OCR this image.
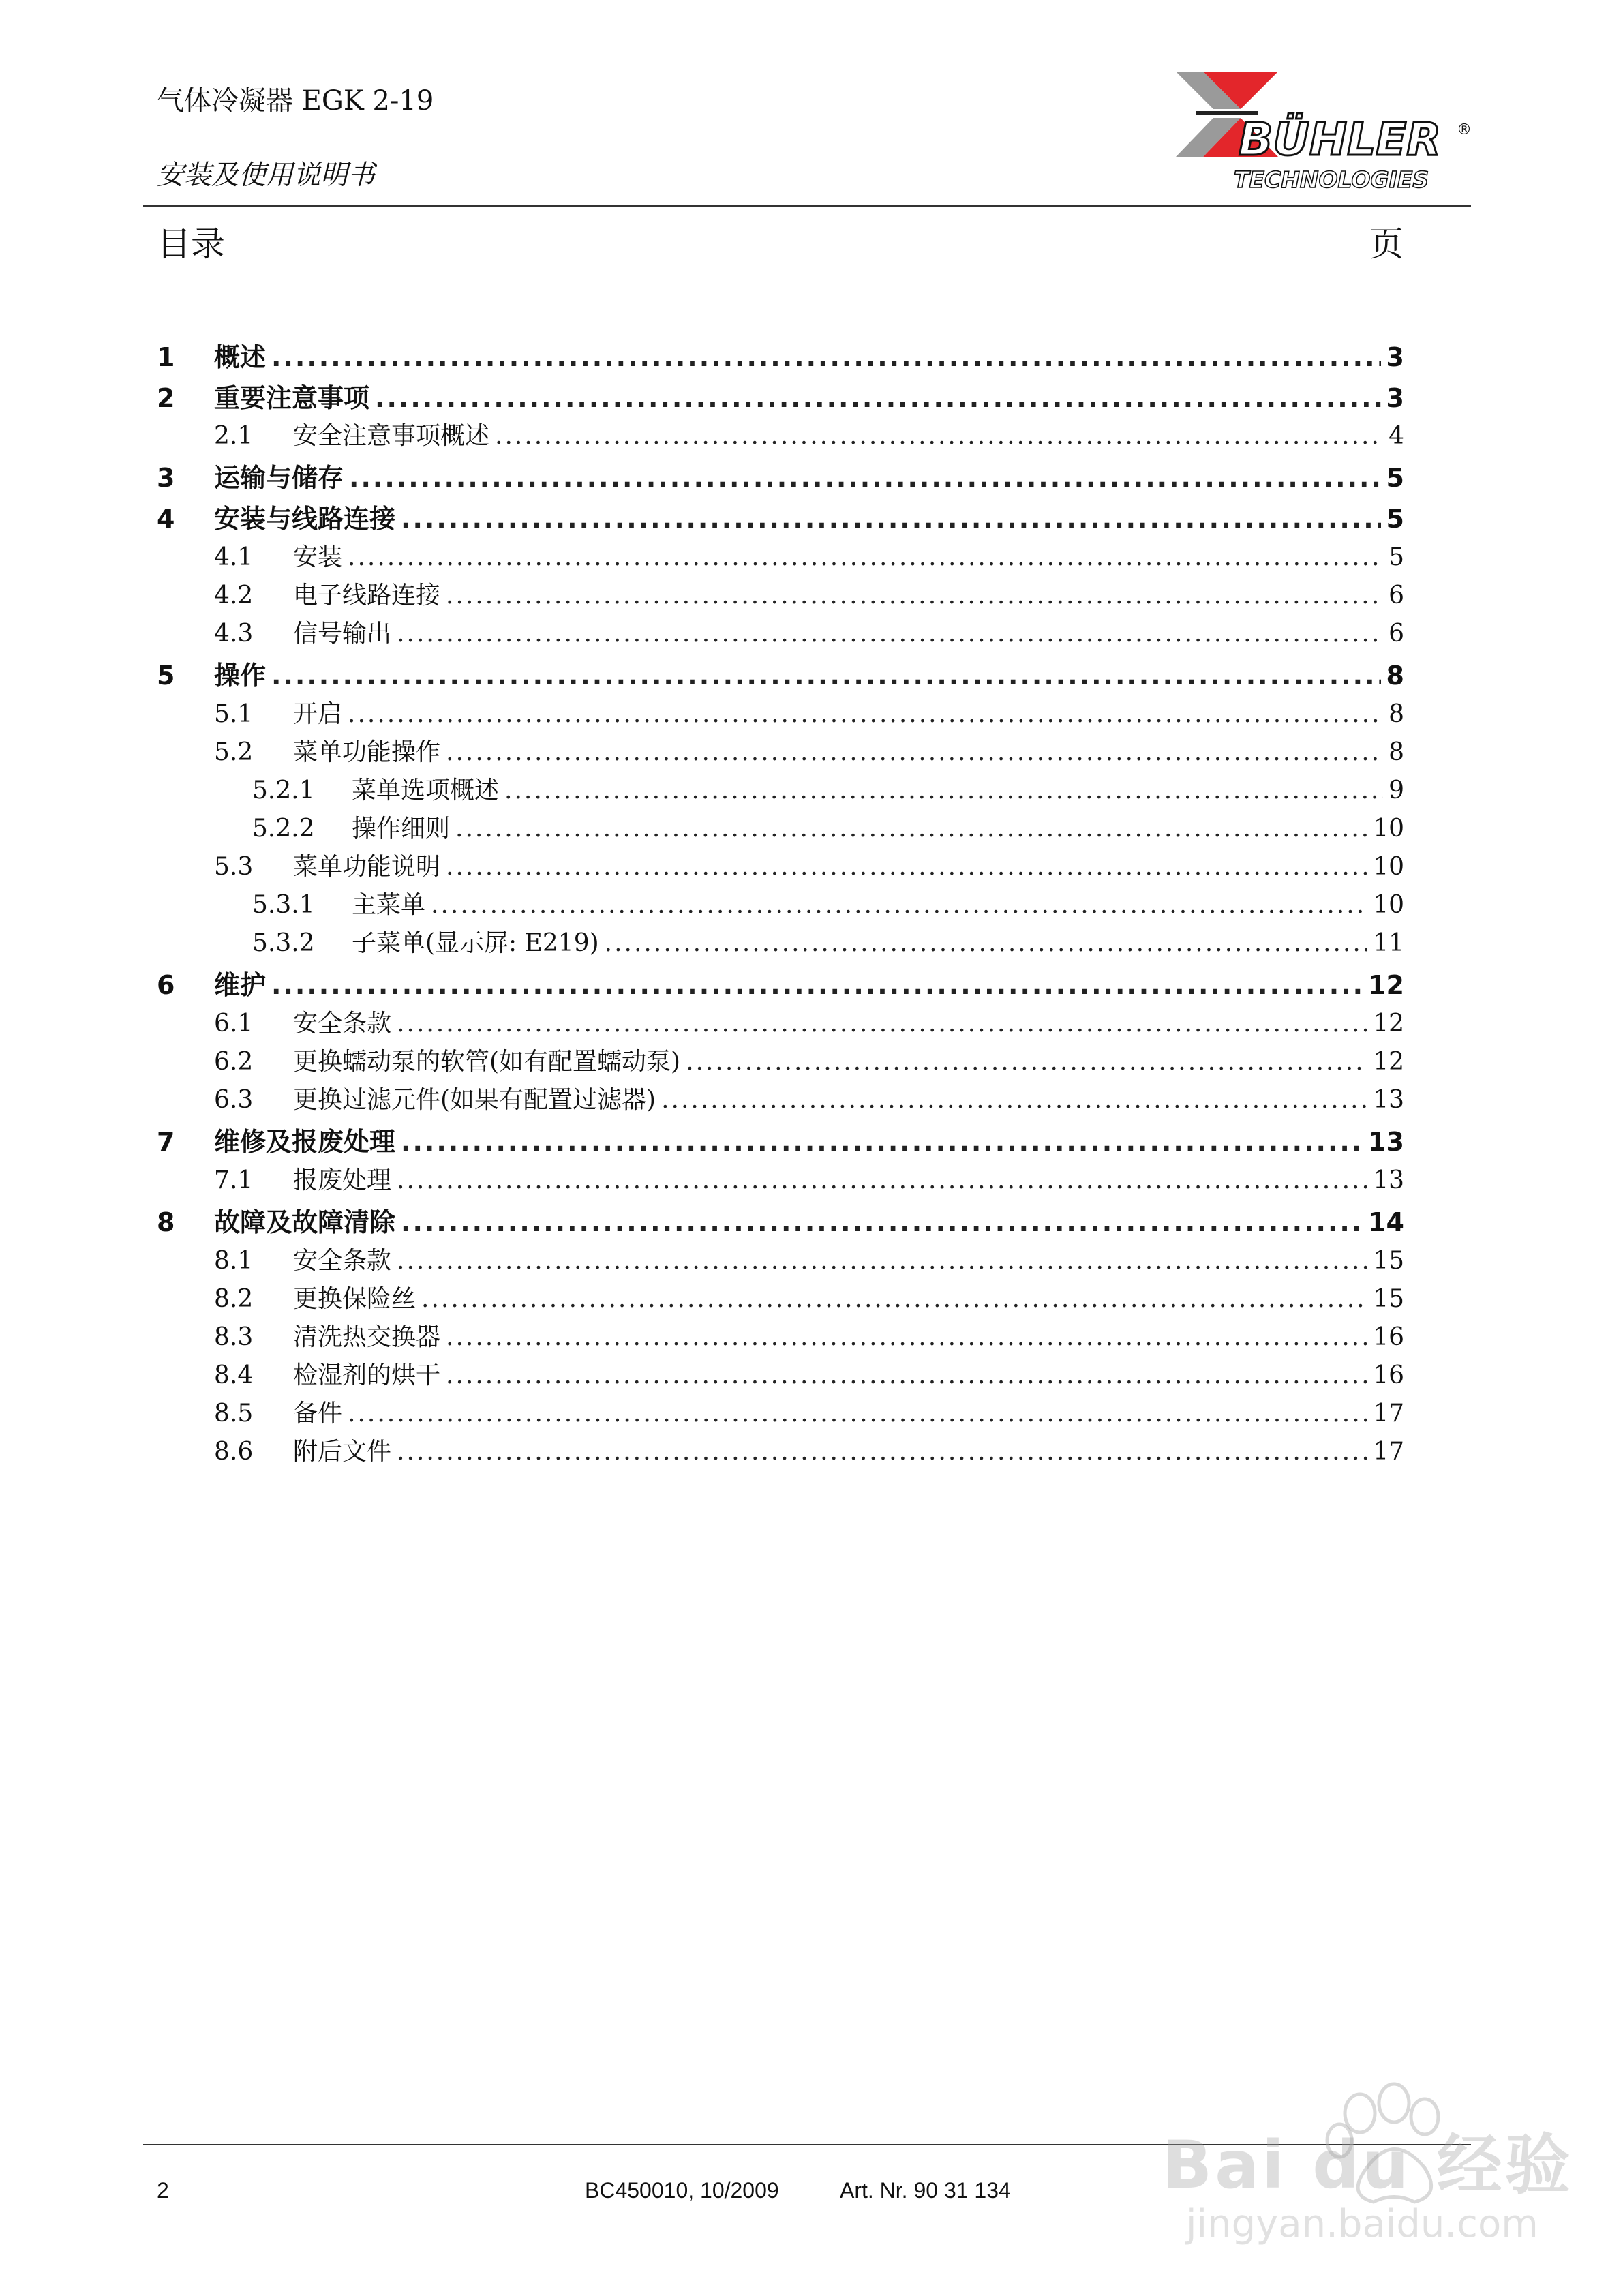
气体冷凝器 EGK 2-19
安装及使用说明书
BÜHLER ®
TECHNOLOGIES
目录	页
1	概述 .....	3
2	重要注意事项 .....	3
2.1	安全注意事项概述 .....	4
3	运输与储存 .....	5
4	安装与线路连接 .....	5
4.1	安装 .....	5
4.2	电子线路连接 .....	6
4.3	信号输出 .....	6
5	操作 .....	8
5.1	开启 .....	8
5.2	菜单功能操作 .....	8
5.2.1	菜单选项概述 .....	9
5.2.2	操作细则 .....	10
5.3	菜单功能说明 .....	10
5.3.1	主菜单 .....	10
5.3.2	子菜单(显示屏: E219) .....	11
6	维护 .....	12
6.1	安全条款 .....	12
6.2	更换蠕动泵的软管(如有配置蠕动泵) .....	12
6.3	更换过滤元件(如果有配置过滤器) .....	13
7	维修及报废处理 .....	13
7.1	报废处理 .....	13
8	故障及故障清除 .....	14
8.1	安全条款 .....	15
8.2	更换保险丝 .....	15
8.3	清洗热交换器 .....	16
8.4	检湿剂的烘干 .....	16
8.5	备件 .....	17
8.6	附后文件 .....	17
2	BC450010, 10/2009	Art. Nr. 90 31 134 Bai du 经验
jingyan.baidu.com
